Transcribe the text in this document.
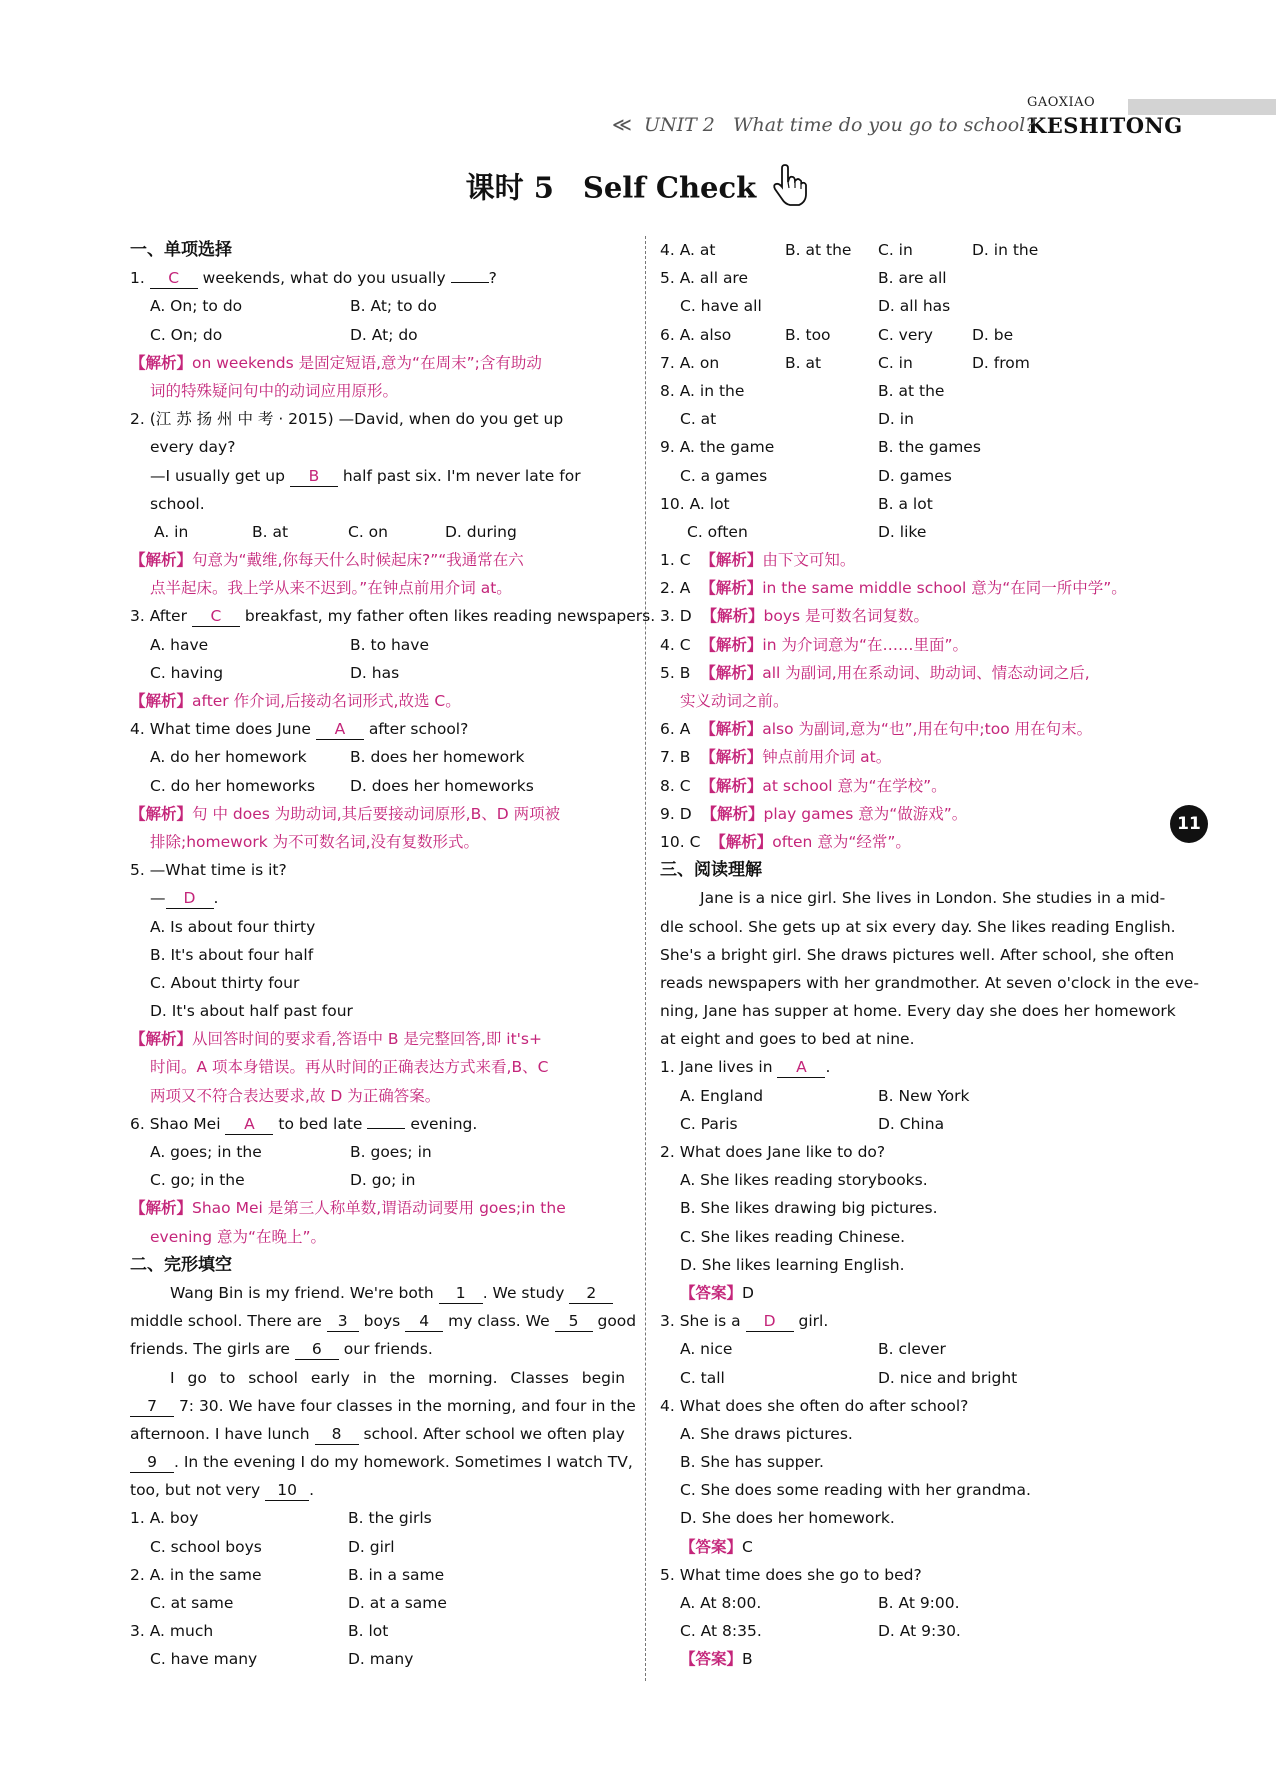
GAOXIAO
KESHITONG
≪ UNIT 2 What time do you go to school?
课时 5　Self Check
11
一、单项选择
1. C weekends, what do you usually	?
A. On; to do	B. At; to do
C. On; do	D. At; do
【解析】on weekends 是固定短语,意为“在周末”;含有助动
词的特殊疑问句中的动词应用原形。
2. (江 苏 扬 州 中 考 · 2015) —David, when do you get up
every day?
—I usually get up B half past six. I'm never late for
school.
A. in	B. at	C. on	D. during
【解析】句意为“戴维,你每天什么时候起床?”“我通常在六
点半起床。我上学从来不迟到。”在钟点前用介词 at。
3. After C breakfast, my father often likes reading newspapers.
A. have	B. to have
C. having	D. has
【解析】after 作介词,后接动名词形式,故选 C。
4. What time does June A after school?
A. do her homework	B. does her homework
C. do her homeworks D. does her homeworks
【解析】句 中 does 为助动词,其后要接动词原形,B、D 两项被
排除;homework 为不可数名词,没有复数形式。
5. —What time is it?
— D .
A. Is about four thirty
B. It's about four half
C. About thirty four
D. It's about half past four
【解析】从回答时间的要求看,答语中 B 是完整回答,即 it's+
时间。A 项本身错误。再从时间的正确表达方式来看,B、C
两项又不符合表达要求,故 D 为正确答案。
6. Shao Mei A to bed late	evening.
A. goes; in the	B. goes; in
C. go; in the	D. go; in
【解析】Shao Mei 是第三人称单数,谓语动词要用 goes;in the
evening 意为“在晚上”。
二、完形填空
Wang Bin is my friend. We're both 1 . We study 2
middle school. There are 3 boys 4 my class. We 5 good
friends. The girls are 6 our friends.
I go to school early in the morning. Classes begin
7 7: 30. We have four classes in the morning, and four in the
afternoon. I have lunch 8 school. After school we often play
9 . In the evening I do my homework. Sometimes I watch TV,
too, but not very 10 .
1. A. boy	B. the girls
C. school boys	D. girl
2. A. in the same	B. in a same
C. at same	D. at a same
3. A. much	B. lot
C. have many	D. many
4. A. at	B. at the C. in	D. in the
5. A. all are	B. are all
C. have all	D. all has
6. A. also	B. too	C. very	D. be
7. A. on	B. at	C. in	D. from
8. A. in the	B. at the
C. at	D. in
9. A. the game	B. the games
C. a games	D. games
10. A. lot	B. a lot
C. often	D. like
1. C 【解析】由下文可知。
2. A 【解析】in the same middle school 意为“在同一所中学”。
3. D 【解析】boys 是可数名词复数。
4. C 【解析】in 为介词意为“在……里面”。
5. B 【解析】all 为副词,用在系动词、助动词、情态动词之后,
实义动词之前。
6. A 【解析】also 为副词,意为“也”,用在句中;too 用在句末。
7. B 【解析】钟点前用介词 at。
8. C 【解析】at school 意为“在学校”。
9. D 【解析】play games 意为“做游戏”。
10. C 【解析】often 意为“经常”。
三、阅读理解
Jane is a nice girl. She lives in London. She studies in a mid-
dle school. She gets up at six every day. She likes reading English.
She's a bright girl. She draws pictures well. After school, she often
reads newspapers with her grandmother. At seven o'clock in the eve-
ning, Jane has supper at home. Every day she does her homework
at eight and goes to bed at nine.
1. Jane lives in A .
A. England	B. New York
C. Paris	D. China
2. What does Jane like to do?
A. She likes reading storybooks.
B. She likes drawing big pictures.
C. She likes reading Chinese.
D. She likes learning English.
【答案】D
3. She is a D girl.
A. nice	B. clever
C. tall	D. nice and bright
4. What does she often do after school?
A. She draws pictures.
B. She has supper.
C. She does some reading with her grandma.
D. She does her homework.
【答案】C
5. What time does she go to bed?
A. At 8:00.	B. At 9:00.
C. At 8:35.	D. At 9:30.
【答案】B
